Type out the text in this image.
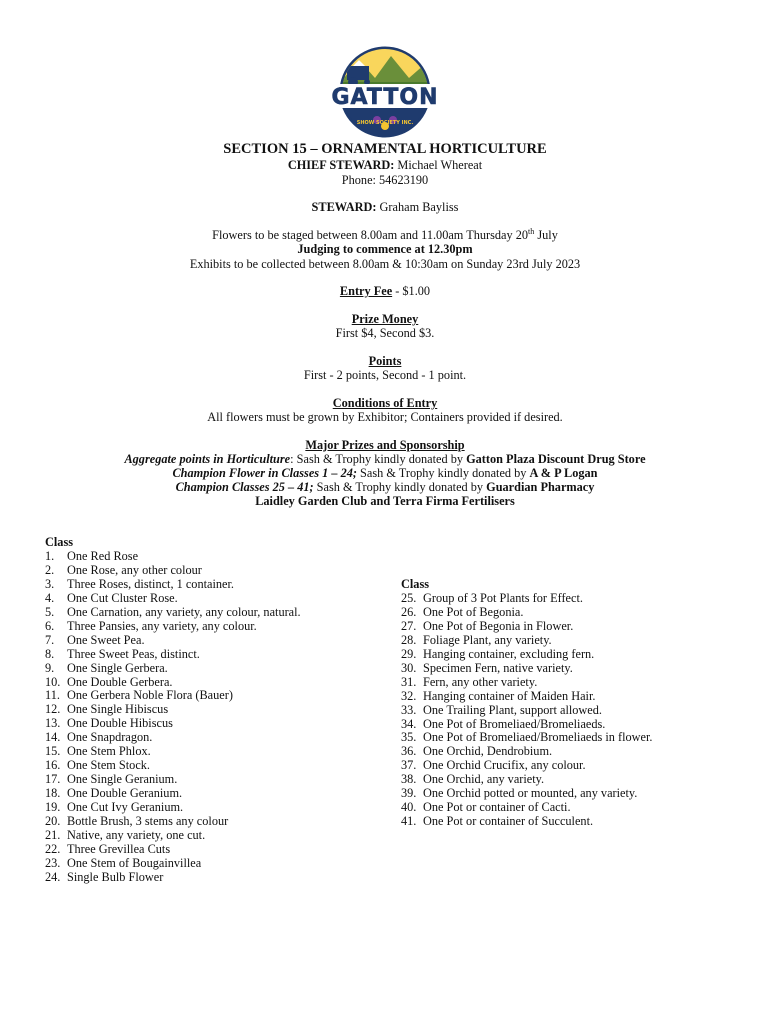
GATTON
SHOW SOCIETY INC.
SECTION 15 – ORNAMENTAL HORTICULTURE
CHIEF STEWARD: Michael Whereat
Phone: 54623190
STEWARD: Graham Bayliss
Flowers to be staged between 8.00am and 11.00am Thursday 20th July
Judging to commence at 12.30pm
Exhibits to be collected between 8.00am & 10:30am on Sunday 23rd July 2023
Entry Fee - $1.00
Prize Money
First $4, Second $3.
Points
First - 2 points, Second - 1 point.
Conditions of Entry
All flowers must be grown by Exhibitor; Containers provided if desired.
Major Prizes and Sponsorship
Aggregate points in Horticulture: Sash & Trophy kindly donated by Gatton Plaza Discount Drug Store
Champion Flower in Classes 1 – 24; Sash & Trophy kindly donated by A & P Logan
Champion Classes 25 – 41; Sash & Trophy kindly donated by Guardian Pharmacy
Laidley Garden Club and Terra Firma Fertilisers
Class
1. One Red Rose
2. One Rose, any other colour
3. Three Roses, distinct, 1 container.
4. One Cut Cluster Rose.
5. One Carnation, any variety, any colour, natural.
6. Three Pansies, any variety, any colour.
7. One Sweet Pea.
8. Three Sweet Peas, distinct.
9. One Single Gerbera.
10. One Double Gerbera.
11. One Gerbera Noble Flora (Bauer)
12. One Single Hibiscus
13. One Double Hibiscus
14. One Snapdragon.
15. One Stem Phlox.
16. One Stem Stock.
17. One Single Geranium.
18. One Double Geranium.
19. One Cut Ivy Geranium.
20. Bottle Brush, 3 stems any colour
21. Native, any variety, one cut.
22. Three Grevillea Cuts
23. One Stem of Bougainvillea
24. Single Bulb Flower
Class
25. Group of 3 Pot Plants for Effect.
26. One Pot of Begonia.
27. One Pot of Begonia in Flower.
28. Foliage Plant, any variety.
29. Hanging container, excluding fern.
30. Specimen Fern, native variety.
31. Fern, any other variety.
32. Hanging container of Maiden Hair.
33. One Trailing Plant, support allowed.
34. One Pot of Bromeliaed/Bromeliaeds.
35. One Pot of Bromeliaed/Bromeliaeds in flower.
36. One Orchid, Dendrobium.
37. One Orchid Crucifix, any colour.
38. One Orchid, any variety.
39. One Orchid potted or mounted, any variety.
40. One Pot or container of Cacti.
41. One Pot or container of Succulent.
